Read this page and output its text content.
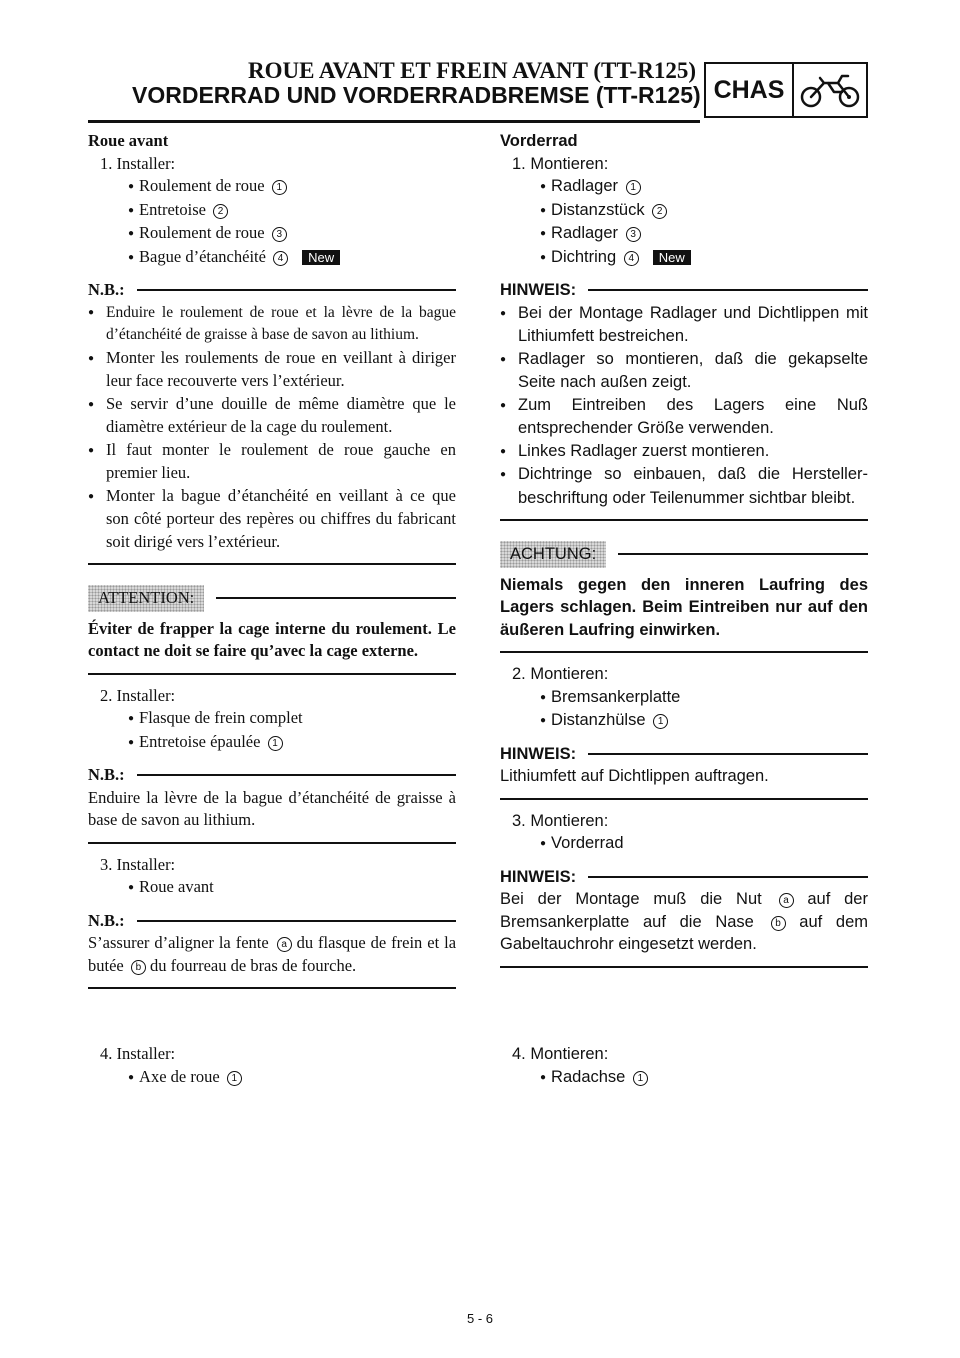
ROUE AVANT ET FREIN AVANT (TT-R125)
VORDERRAD UND VORDERRADBREMSE (TT-R125) CHAS

Roue avant

1. Installer:

● Roulement de roue 1

● Entretoise 2

● Roulement de roue 3

● Bague d’étanchéité 4 New

N.B.:

● Enduire le roulement de roue et la lèvre de la bague d’étanchéité de graisse à base de savon au lithium.

● Monter les roulements de roue en veillant à diriger leur face recouverte vers l’extérieur.

● Se servir d’une douille de même diamètre que le diamètre extérieur de la cage du roulement.

● Il faut monter le roulement de roue gauche en premier lieu.

● Monter la bague d’étanchéité en veillant à ce que son côté porteur des repères ou chiffres du fabricant soit dirigé vers l’extérieur.

ATTENTION:

Éviter de frapper la cage interne du roulement. Le contact ne doit se faire qu’avec la cage externe.

2. Installer:

● Flasque de frein complet

● Entretoise épaulée 1

N.B.:

Enduire la lèvre de la bague d’étanchéité de graisse à base de savon au lithium.

3. Installer:

● Roue avant

N.B.:

S’assurer d’aligner la fente a du flasque de frein et la butée b du fourreau de bras de fourche.

4. Installer:

● Axe de roue 1

Vorderrad

1. Montieren:

● Radlager 1

● Distanzstück 2

● Radlager 3

● Dichtring 4 New

HINWEIS:

● Bei der Montage Radlager und Dichtlippen mit Lithiumfett bestreichen.

● Radlager so montieren, daß die gekapselte Seite nach außen zeigt.

● Zum Eintreiben des Lagers eine Nuß entsprechender Größe verwenden.

● Linkes Radlager zuerst montieren.

● Dichtringe so einbauen, daß die Hersteller-beschriftung oder Teilenummer sichtbar bleibt.

ACHTUNG:

Niemals gegen den inneren Laufring des Lagers schlagen. Beim Eintreiben nur auf den äußeren Laufring einwirken.

2. Montieren:

● Bremsankerplatte

● Distanzhülse 1

HINWEIS:

Lithiumfett auf Dichtlippen auftragen.

3. Montieren:

● Vorderrad

HINWEIS:

Bei der Montage muß die Nut a auf der Bremsankerplatte auf die Nase b auf dem Gabeltauchrohr eingesetzt werden.

4. Montieren:

● Radachse 1

5 - 6
